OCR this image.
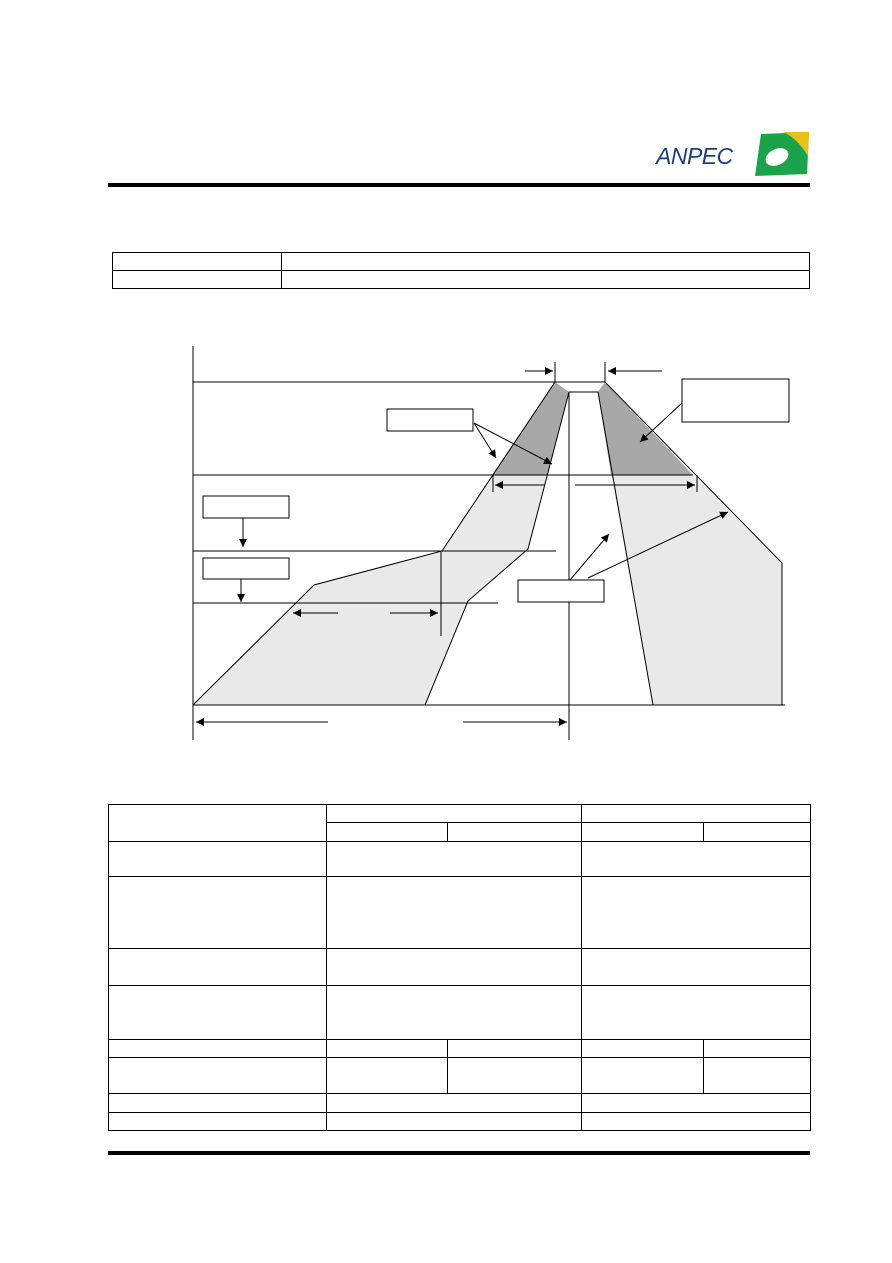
ANPEC
